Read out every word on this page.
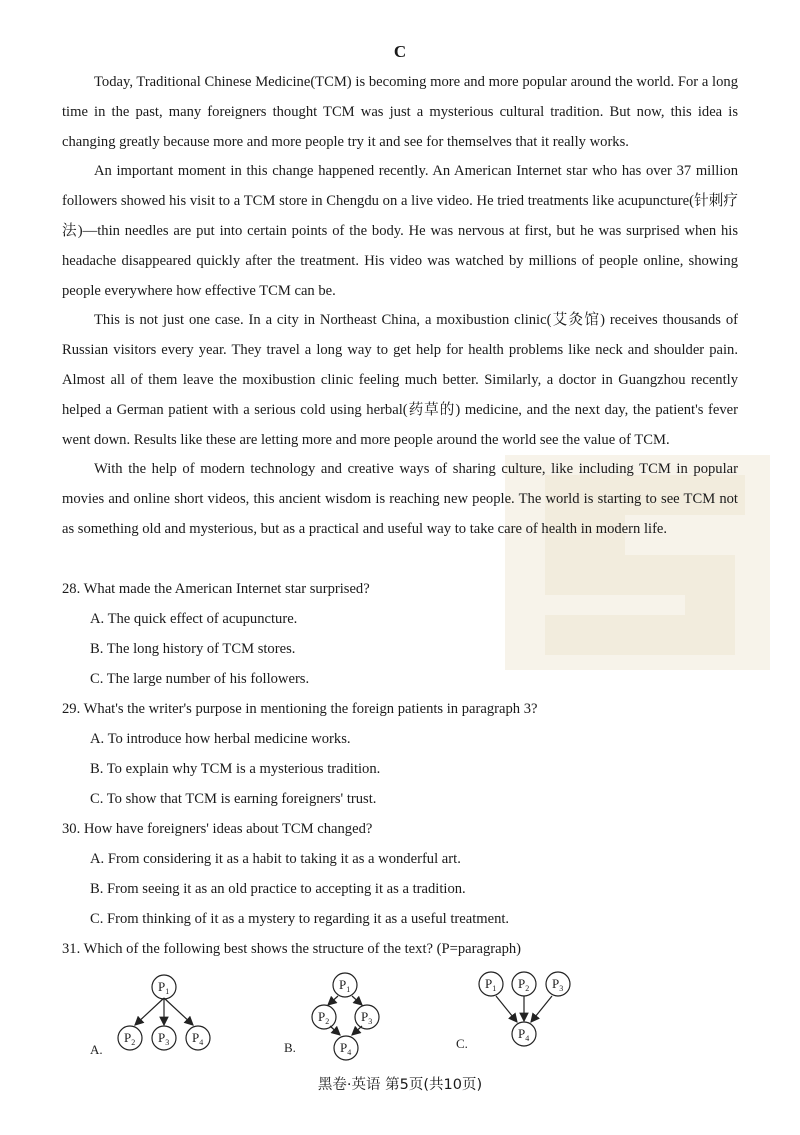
C

Today, Traditional Chinese Medicine(TCM) is becoming more and more popular around the world. For a long time in the past, many foreigners thought TCM was just a mysterious cultural tradition. But now, this idea is changing greatly because more and more people try it and see for themselves that it really works.

An important moment in this change happened recently. An American Internet star who has over 37 million followers showed his visit to a TCM store in Chengdu on a live video. He tried treatments like acupuncture(针刺疗法)—thin needles are put into certain points of the body. He was nervous at first, but he was surprised when his headache disappeared quickly after the treatment. His video was watched by millions of people online, showing people everywhere how effective TCM can be.

This is not just one case. In a city in Northeast China, a moxibustion clinic(艾灸馆) receives thousands of Russian visitors every year. They travel a long way to get help for health problems like neck and shoulder pain. Almost all of them leave the moxibustion clinic feeling much better. Similarly, a doctor in Guangzhou recently helped a German patient with a serious cold using herbal(药草的) medicine, and the next day, the patient's fever went down. Results like these are letting more and more people around the world see the value of TCM.

With the help of modern technology and creative ways of sharing culture, like including TCM in popular movies and online short videos, this ancient wisdom is reaching new people. The world is starting to see TCM not as something old and mysterious, but as a practical and useful way to take care of health in modern life.

28. What made the American Internet star surprised?

A. The quick effect of acupuncture.

B. The long history of TCM stores.

C. The large number of his followers.

29. What's the writer's purpose in mentioning the foreign patients in paragraph 3?

A. To introduce how herbal medicine works.

B. To explain why TCM is a mysterious tradition.

C. To show that TCM is earning foreigners' trust.

30. How have foreigners' ideas about TCM changed?

A. From considering it as a habit to taking it as a wonderful art.

B. From seeing it as an old practice to accepting it as a tradition.

C. From thinking of it as a mystery to regarding it as a useful treatment.

31. Which of the following best shows the structure of the text? (P=paragraph)

A.	B.	C.
$P_1$
$P_2$ $P_3$ $P_4$
$P_1$
$P_2$ $P_3$
$P_4$
$P_1$ $P_2$ $P_3$
$P_4$
黑卷·英语 第5页(共10页)
